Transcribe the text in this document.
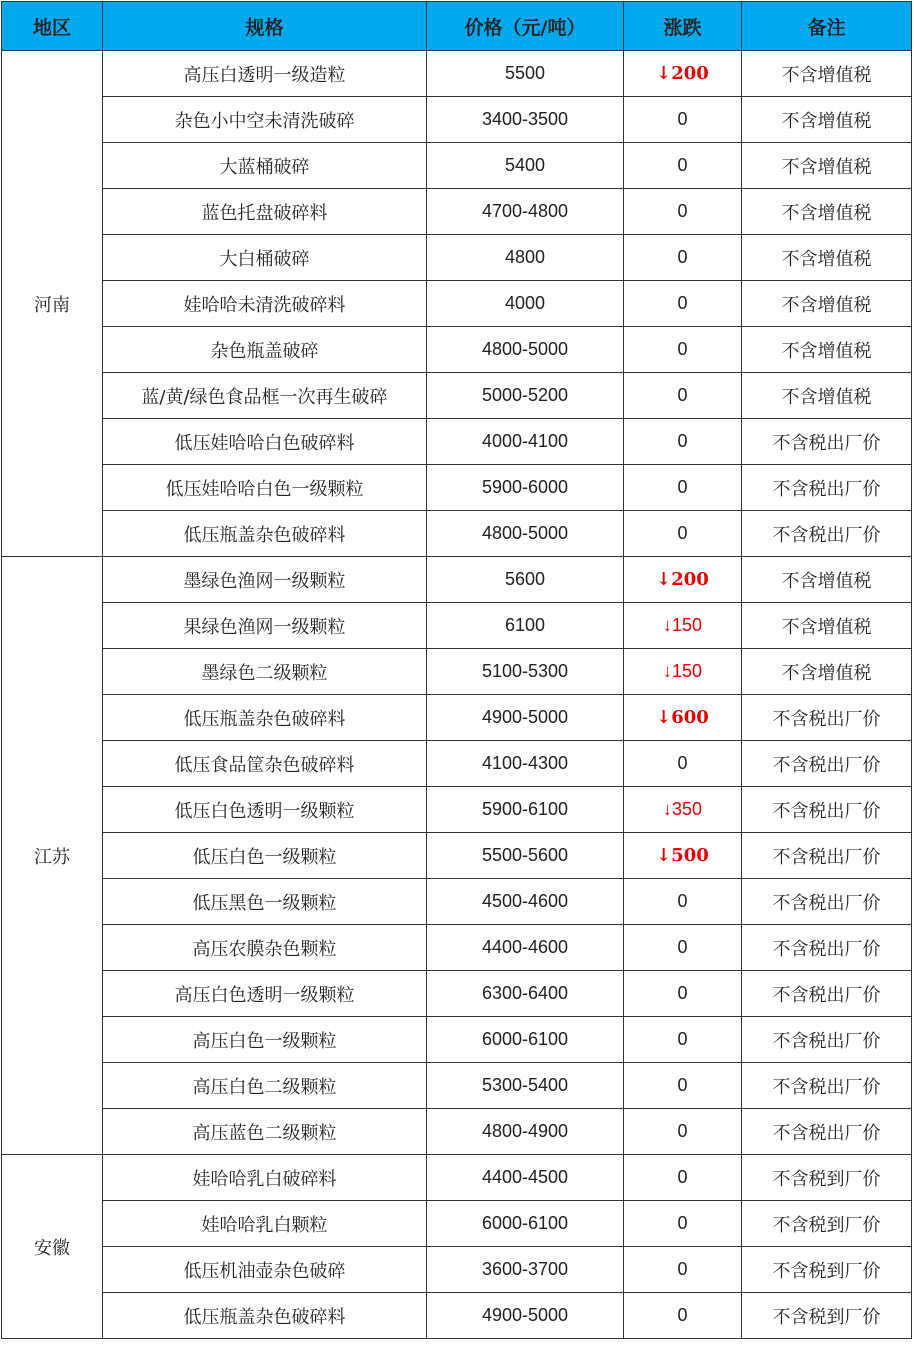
地区	规格	价格（元/吨）	涨跌	备注
河南	高压白透明一级造粒	5500	↓200	不含增值税
	杂色小中空未清洗破碎	3400-3500	0	不含增值税
	大蓝桶破碎	5400	0	不含增值税
	蓝色托盘破碎料	4700-4800	0	不含增值税
	大白桶破碎	4800	0	不含增值税
	娃哈哈未清洗破碎料	4000	0	不含增值税
	杂色瓶盖破碎	4800-5000	0	不含增值税
	蓝/黄/绿色食品框一次再生破碎	5000-5200	0	不含增值税
	低压娃哈哈白色破碎料	4000-4100	0	不含税出厂价
	低压娃哈哈白色一级颗粒	5900-6000	0	不含税出厂价
	低压瓶盖杂色破碎料	4800-5000	0	不含税出厂价
江苏	墨绿色渔网一级颗粒	5600	↓200	不含增值税
	果绿色渔网一级颗粒	6100	↓150	不含增值税
	墨绿色二级颗粒	5100-5300	↓150	不含增值税
	低压瓶盖杂色破碎料	4900-5000	↓600	不含税出厂价
	低压食品筐杂色破碎料	4100-4300	0	不含税出厂价
	低压白色透明一级颗粒	5900-6100	↓350	不含税出厂价
	低压白色一级颗粒	5500-5600	↓500	不含税出厂价
	低压黑色一级颗粒	4500-4600	0	不含税出厂价
	高压农膜杂色颗粒	4400-4600	0	不含税出厂价
	高压白色透明一级颗粒	6300-6400	0	不含税出厂价
	高压白色一级颗粒	6000-6100	0	不含税出厂价
	高压白色二级颗粒	5300-5400	0	不含税出厂价
	高压蓝色二级颗粒	4800-4900	0	不含税出厂价
安徽	娃哈哈乳白破碎料	4400-4500	0	不含税到厂价
	娃哈哈乳白颗粒	6000-6100	0	不含税到厂价
	低压机油壶杂色破碎	3600-3700	0	不含税到厂价
	低压瓶盖杂色破碎料	4900-5000	0	不含税到厂价
